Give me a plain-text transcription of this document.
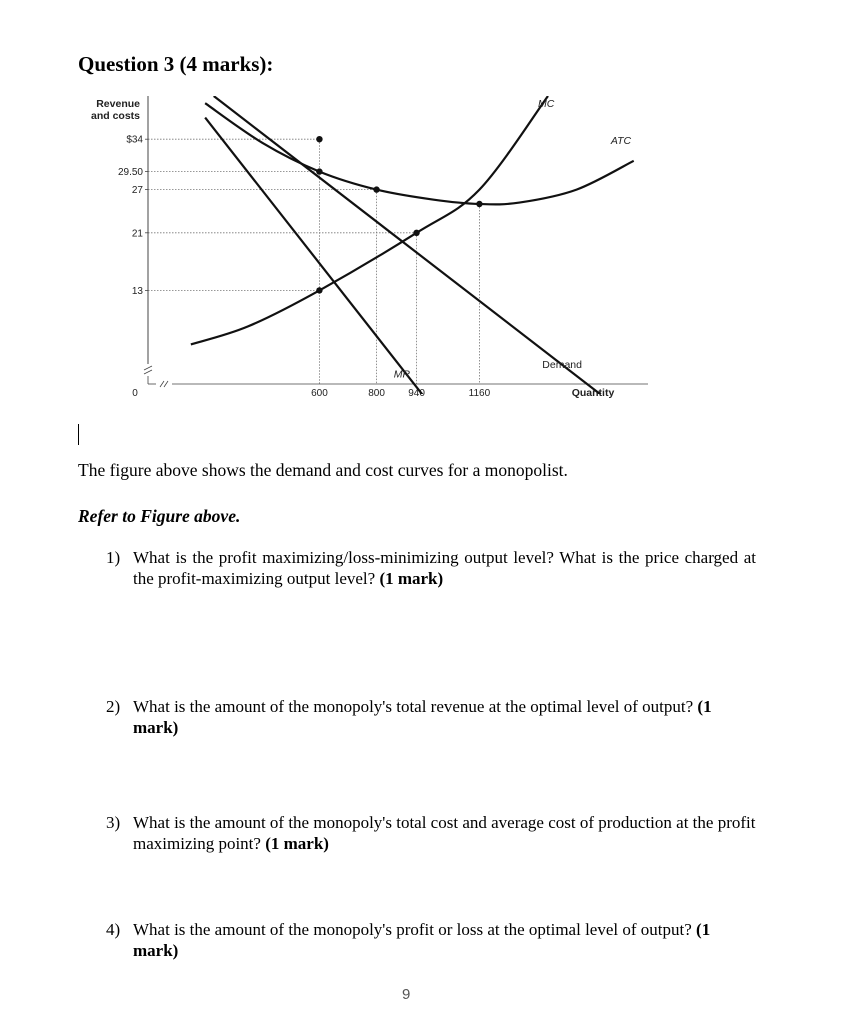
Question 3 (4 marks):
Revenue
and costs
$34
29.50
27
21
13
0	600	800 940	1160	Quantity
Demand
MR
MC
ATC
The figure above shows the demand and cost curves for a monopolist.
Refer to Figure above.
1) What is the profit maximizing/loss-minimizing output level? What is the price charged at the profit-maximizing output level? (1 mark)
2) What is the amount of the monopoly's total revenue at the optimal level of output? (1 mark)
3) What is the amount of the monopoly's total cost and average cost of production at the profit maximizing point? (1 mark)
4) What is the amount of the monopoly's profit or loss at the optimal level of output? (1 mark)
9
